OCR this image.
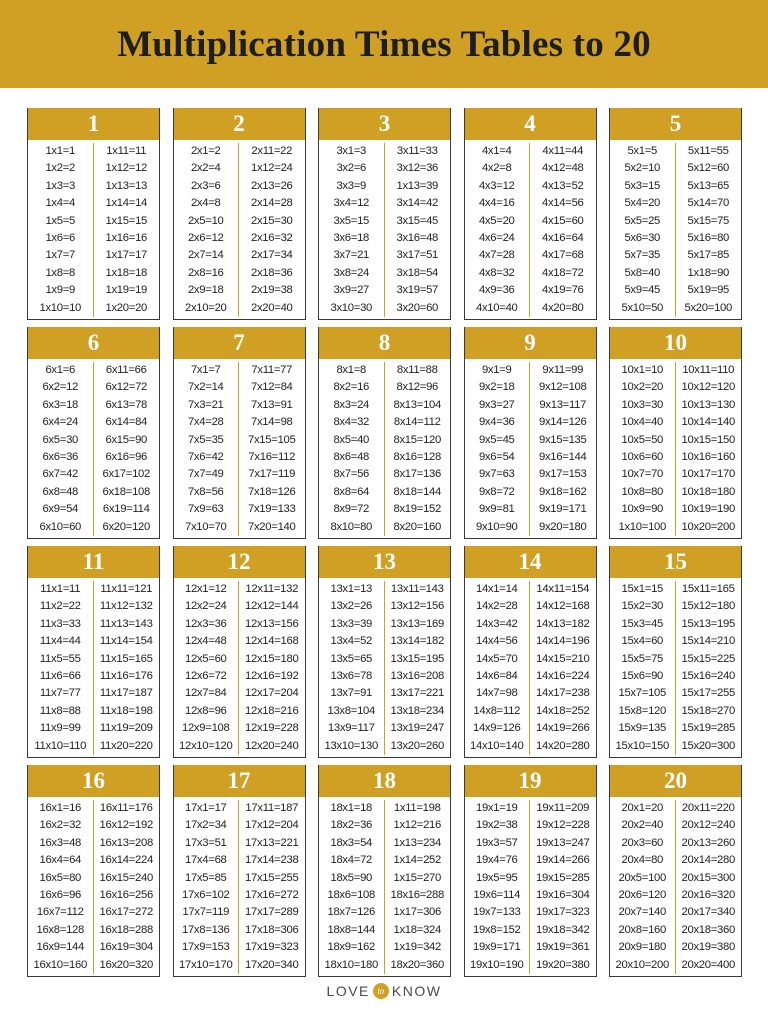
Multiplication Times Tables to 20
1
1x1=1
1x2=2
1x3=3
1x4=4
1x5=5
1x6=6
1x7=7
1x8=8
1x9=9
1x10=10
1x11=11
1x12=12
1x13=13
1x14=14
1x15=15
1x16=16
1x17=17
1x18=18
1x19=19
1x20=20
2
2x1=2
2x2=4
2x3=6
2x4=8
2x5=10
2x6=12
2x7=14
2x8=16
2x9=18
2x10=20
2x11=22
1x12=24
2x13=26
2x14=28
2x15=30
2x16=32
2x17=34
2x18=36
2x19=38
2x20=40
3
3x1=3
3x2=6
3x3=9
3x4=12
3x5=15
3x6=18
3x7=21
3x8=24
3x9=27
3x10=30
3x11=33
3x12=36
1x13=39
3x14=42
3x15=45
3x16=48
3x17=51
3x18=54
3x19=57
3x20=60
4
4x1=4
4x2=8
4x3=12
4x4=16
4x5=20
4x6=24
4x7=28
4x8=32
4x9=36
4x10=40
4x11=44
4x12=48
4x13=52
4x14=56
4x15=60
4x16=64
4x17=68
4x18=72
4x19=76
4x20=80
5
5x1=5
5x2=10
5x3=15
5x4=20
5x5=25
5x6=30
5x7=35
5x8=40
5x9=45
5x10=50
5x11=55
5x12=60
5x13=65
5x14=70
5x15=75
5x16=80
5x17=85
1x18=90
5x19=95
5x20=100
6
6x1=6
6x2=12
6x3=18
6x4=24
6x5=30
6x6=36
6x7=42
6x8=48
6x9=54
6x10=60
6x11=66
6x12=72
6x13=78
6x14=84
6x15=90
6x16=96
6x17=102
6x18=108
6x19=114
6x20=120
7
7x1=7
7x2=14
7x3=21
7x4=28
7x5=35
7x6=42
7x7=49
7x8=56
7x9=63
7x10=70
7x11=77
7x12=84
7x13=91
7x14=98
7x15=105
7x16=112
7x17=119
7x18=126
7x19=133
7x20=140
8
8x1=8
8x2=16
8x3=24
8x4=32
8x5=40
8x6=48
8x7=56
8x8=64
8x9=72
8x10=80
8x11=88
8x12=96
8x13=104
8x14=112
8x15=120
8x16=128
8x17=136
8x18=144
8x19=152
8x20=160
9
9x1=9
9x2=18
9x3=27
9x4=36
9x5=45
9x6=54
9x7=63
9x8=72
9x9=81
9x10=90
9x11=99
9x12=108
9x13=117
9x14=126
9x15=135
9x16=144
9x17=153
9x18=162
9x19=171
9x20=180
10
10x1=10
10x2=20
10x3=30
10x4=40
10x5=50
10x6=60
10x7=70
10x8=80
10x9=90
1x10=100
10x11=110
10x12=120
10x13=130
10x14=140
10x15=150
10x16=160
10x17=170
10x18=180
10x19=190
10x20=200
11
11x1=11
11x2=22
11x3=33
11x4=44
11x5=55
11x6=66
11x7=77
11x8=88
11x9=99
11x10=110
11x11=121
11x12=132
11x13=143
11x14=154
11x15=165
11x16=176
11x17=187
11x18=198
11x19=209
11x20=220
12
12x1=12
12x2=24
12x3=36
12x4=48
12x5=60
12x6=72
12x7=84
12x8=96
12x9=108
12x10=120
12x11=132
12x12=144
12x13=156
12x14=168
12x15=180
12x16=192
12x17=204
12x18=216
12x19=228
12x20=240
13
13x1=13
13x2=26
13x3=39
13x4=52
13x5=65
13x6=78
13x7=91
13x8=104
13x9=117
13x10=130
13x11=143
13x12=156
13x13=169
13x14=182
13x15=195
13x16=208
13x17=221
13x18=234
13x19=247
13x20=260
14
14x1=14
14x2=28
14x3=42
14x4=56
14x5=70
14x6=84
14x7=98
14x8=112
14x9=126
14x10=140
14x11=154
14x12=168
14x13=182
14x14=196
14x15=210
14x16=224
14x17=238
14x18=252
14x19=266
14x20=280
15
15x1=15
15x2=30
15x3=45
15x4=60
15x5=75
15x6=90
15x7=105
15x8=120
15x9=135
15x10=150
15x11=165
15x12=180
15x13=195
15x14=210
15x15=225
15x16=240
15x17=255
15x18=270
15x19=285
15x20=300
16
16x1=16
16x2=32
16x3=48
16x4=64
16x5=80
16x6=96
16x7=112
16x8=128
16x9=144
16x10=160
16x11=176
16x12=192
16x13=208
16x14=224
16x15=240
16x16=256
16x17=272
16x18=288
16x19=304
16x20=320
17
17x1=17
17x2=34
17x3=51
17x4=68
17x5=85
17x6=102
17x7=119
17x8=136
17x9=153
17x10=170
17x11=187
17x12=204
17x13=221
17x14=238
17x15=255
17x16=272
17x17=289
17x18=306
17x19=323
17x20=340
18
18x1=18
18x2=36
18x3=54
18x4=72
18x5=90
18x6=108
18x7=126
18x8=144
18x9=162
18x10=180
1x11=198
1x12=216
1x13=234
1x14=252
1x15=270
18x16=288
1x17=306
1x18=324
1x19=342
18x20=360
19
19x1=19
19x2=38
19x3=57
19x4=76
19x5=95
19x6=114
19x7=133
19x8=152
19x9=171
19x10=190
19x11=209
19x12=228
19x13=247
19x14=266
19x15=285
19x16=304
19x17=323
19x18=342
19x19=361
19x20=380
20
20x1=20
20x2=40
20x3=60
20x4=80
20x5=100
20x6=120
20x7=140
20x8=160
20x9=180
20x10=200
20x11=220
20x12=240
20x13=260
20x14=280
20x15=300
20x16=320
20x17=340
20x18=360
20x19=380
20x20=400
LOVE to KNOW
